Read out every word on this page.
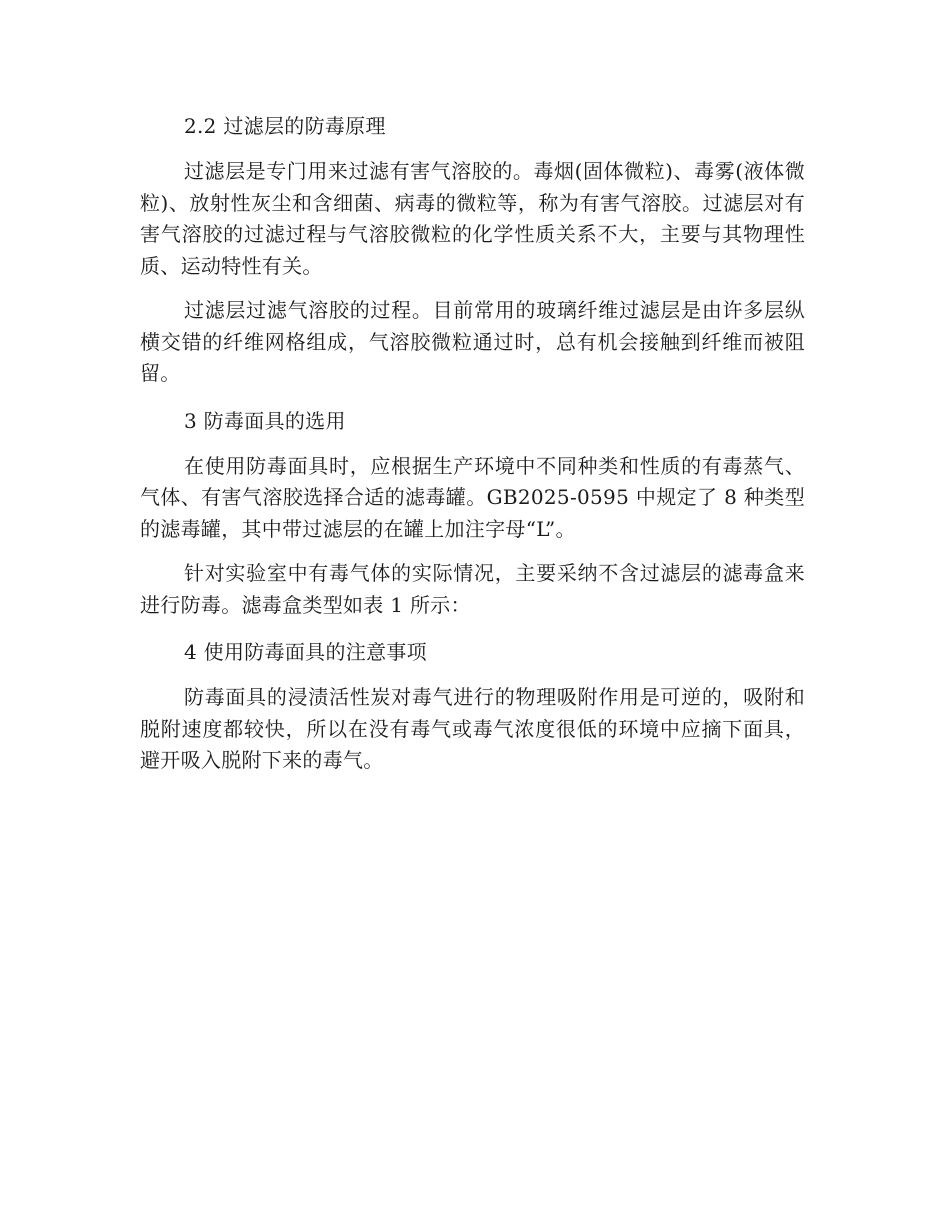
2.2 过滤层的防毒原理

过滤层是专门用来过滤有害气溶胶的。毒烟(固体微粒)、毒雾(液体微粒)、放射性灰尘和含细菌、病毒的微粒等，称为有害气溶胶。过滤层对有害气溶胶的过滤过程与气溶胶微粒的化学性质关系不大，主要与其物理性质、运动特性有关。

过滤层过滤气溶胶的过程。目前常用的玻璃纤维过滤层是由许多层纵横交错的纤维网格组成，气溶胶微粒通过时，总有机会接触到纤维而被阻留。

3 防毒面具的选用

在使用防毒面具时，应根据生产环境中不同种类和性质的有毒蒸气、气体、有害气溶胶选择合适的滤毒罐。GB2025-0595 中规定了 8 种类型的滤毒罐，其中带过滤层的在罐上加注字母“L”。

针对实验室中有毒气体的实际情况，主要采纳不含过滤层的滤毒盒来进行防毒。滤毒盒类型如表 1 所示：

4 使用防毒面具的注意事项

防毒面具的浸渍活性炭对毒气进行的物理吸附作用是可逆的，吸附和脱附速度都较快，所以在没有毒气或毒气浓度很低的环境中应摘下面具，避开吸入脱附下来的毒气。
